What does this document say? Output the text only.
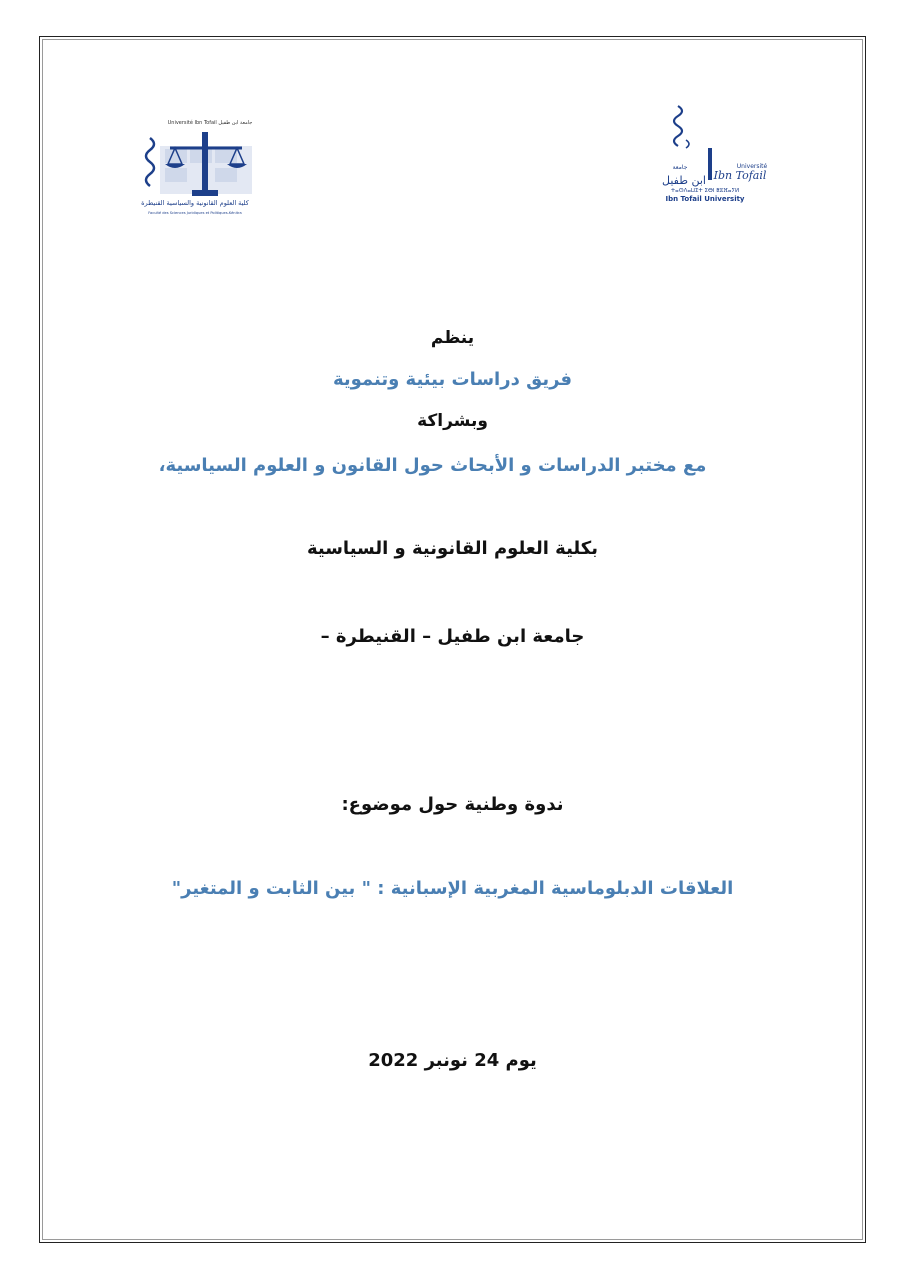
Université Ibn Tofail جامعة ابن طفيل
كلية العلوم القانونية والسياسية القنيطرة
Faculté des Sciences Juridiques et Politiques-Kénitra
Université
Ibn Tofail
جامعة
ابن طفيل
ⵜⴰⵙⴷⴰⵡⵉⵜ ⵉⴱⵏ ⵟⵓⴼⴰⵢⵍ
Ibn Tofail University
ينظم
فريق دراسات بيئية وتنموية
وبشراكة
مع مختبر الدراسات و الأبحاث حول القانون و العلوم السياسية،
بكلية العلوم القانونية و السياسية
جامعة ابن طفيل – القنيطرة –
ندوة وطنية حول موضوع:
العلاقات الدبلوماسية المغربية الإسبانية : " بين الثابت و المتغير"
يوم 24 نونبر 2022
